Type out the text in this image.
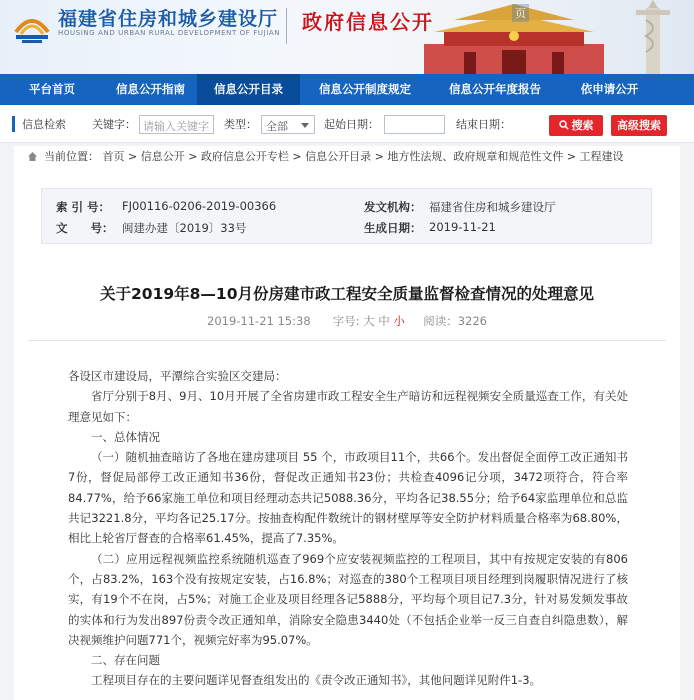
福建省住房和城乡建设厅
HOUSING AND URBAN RURAL DEVELOPMENT OF FUJIAN 政府信息公开	页
平台首页	信息公开指南	信息公开目录	信息公开制度规定	信息公开年度报告	依申请公开
信息检索 关键字： 请输入关键字	类型： 全部	起始日期：	结束日期：	搜索	高级搜索
当前位置： 首页 > 信息公开 > 政府信息公开专栏 > 信息公开目录 > 地方性法规、政府规章和规范性文件 > 工程建设
索 引 号： FJ00116-0206-2019-00366	发文机构： 福建省住房和城乡建设厅
文　　号： 闽建办建〔2019〕33号	生成日期： 2019-11-21
关于2019年8—10月份房建市政工程安全质量监督检查情况的处理意见
2019-11-21 15:38 字号: 大 中 小 阅读：3226

各设区市建设局，平潭综合实验区交建局：

省厅分别于8月、9月、10月开展了全省房建市政工程安全生产暗访和远程视频安全质量巡查工作，有关处理意见如下：

一、总体情况

（一）随机抽查暗访了各地在建房建项目 55 个，市政项目11个，共66个。发出督促全面停工改正通知书7份，督促局部停工改正通知书36份，督促改正通知书23份；共检查4096记分项，3472项符合，符合率84.77%，给予66家施工单位和项目经理动态共记5088.36分，平均各记38.55分；给予64家监理单位和总监共记3221.8分，平均各记25.17分。按抽查构配件数统计的钢材壁厚等安全防护材料质量合格率为68.80%，相比上轮省厅督查的合格率61.45%，提高了7.35%。

（二）应用远程视频监控系统随机巡查了969个应安装视频监控的工程项目，其中有按规定安装的有806个，占83.2%，163个没有按规定安装，占16.8%；对巡查的380个工程项目项目经理到岗履职情况进行了核实，有19个不在岗，占5%；对施工企业及项目经理各记5888分，平均每个项目记7.3分，针对易发频发事故的实体和行为发出897份责令改正通知单，消除安全隐患3440处（不包括企业举一反三自查自纠隐患数），解决视频维护问题771个，视频完好率为95.07%。

二、存在问题

工程项目存在的主要问题详见督查组发出的《责令改正通知书》，其他问题详见附件1-3。
